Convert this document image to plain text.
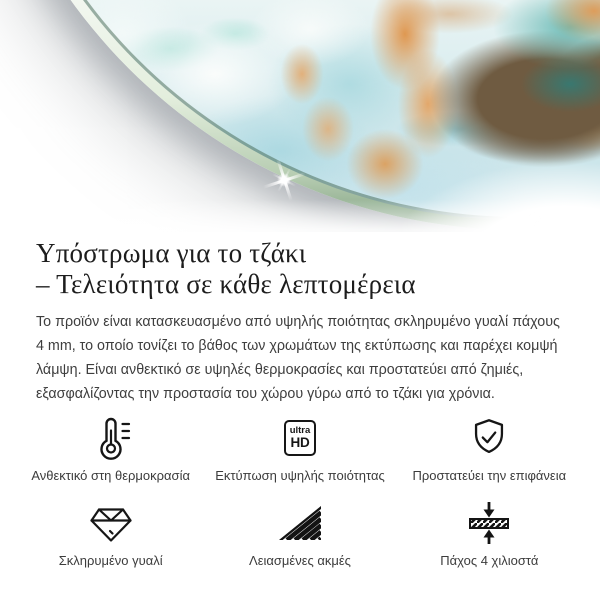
Υπόστρωμα για το τζάκι
– Τελειότητα σε κάθε λεπτομέρεια

Το προϊόν είναι κατασκευασμένο από υψηλής ποιότητας σκληρυμένο γυαλί πάχους 4 mm, το οποίο τονίζει το βάθος των χρωμάτων της εκτύπωσης και παρέχει κομψή λάμψη. Είναι ανθεκτικό σε υψηλές θερμοκρασίες και προστατεύει από ζημιές, εξασφαλίζοντας την προστασία του χώρου γύρω από το τζάκι για χρόνια.

Ανθεκτικό στη θερμοκρασία
ultra
HD
Εκτύπωση υψηλής ποιότητας Προστατεύει την επιφάνεια
Σκληρυμένο γυαλί	Λειασμένες ακμές	Πάχος 4 χιλιοστά
